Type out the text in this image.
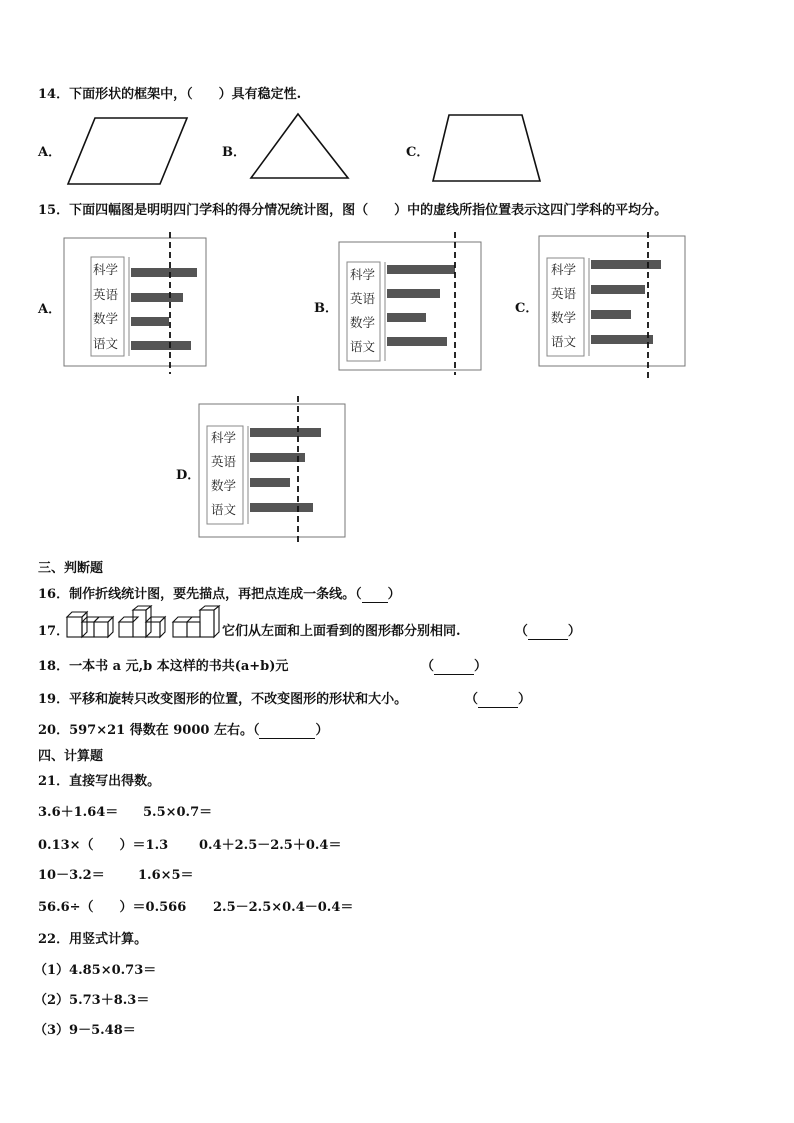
14．下面形状的框架中，（　　）具有稳定性.
A．	B．	C．
15．下面四幅图是明明四门学科的得分情况统计图，图（　　）中的虚线所指位置表示这四门学科的平均分。
A．	B．	C．
D．
科学
英语
数学
语文
科学
英语
数学
语文
科学
英语
数学
语文
科学
英语
数学
语文
三、判断题
16．制作折线统计图，要先描点，再把点连成一条线。（ ）
17．	它们从左面和上面看到的图形都分别相同.	（	）
18．一本书 a 元,b 本这样的书共(a+b)元	（	）
19．平移和旋转只改变图形的位置，不改变图形的形状和大小。	（	）
20．597×21 得数在 9000 左右。（	）
四、计算题
21．直接写出得数。
3.6＋1.64＝ 5.5×0.7＝
0.13×（　　）＝1.3 0.4＋2.5－2.5＋0.4＝
10－3.2＝	1.6×5＝
56.6÷（　　）＝0.566 2.5－2.5×0.4－0.4＝
22．用竖式计算。
（1）4.85×0.73＝
（2）5.73＋8.3＝
（3）9－5.48＝
